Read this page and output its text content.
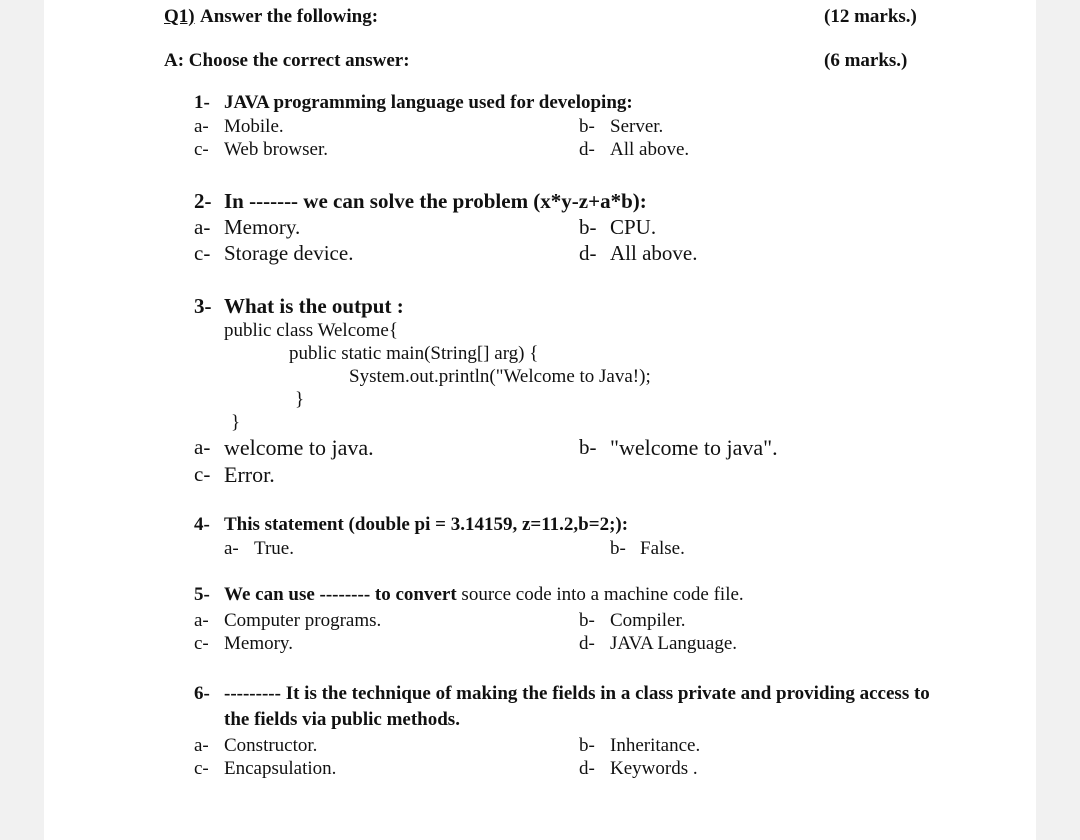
Q1) Answer the following:	(12 marks.)
A: Choose the correct answer:	(6 marks.)
1- JAVA programming language used for developing:
a- Mobile.	b- Server.
c- Web browser.	d- All above.
2- In ------- we can solve the problem (x*y-z+a*b):
a- Memory.	b- CPU.
c- Storage device.	d- All above.
3- What is the output :
public class Welcome{
public static main(String[] arg) {
System.out.println("Welcome to Java!);
}
}
a- welcome to java.	b- "welcome to java".
c- Error.
4- This statement (double pi = 3.14159, z=11.2,b=2;):
a- True.	b- False.
5- We can use -------- to convert source code into a machine code file.
a- Computer programs.	b- Compiler.
c- Memory.	d- JAVA Language.
6- --------- It is the technique of making the fields in a class private and providing access to
the fields via public methods.
a- Constructor.	b- Inheritance.
c- Encapsulation.	d- Keywords .
